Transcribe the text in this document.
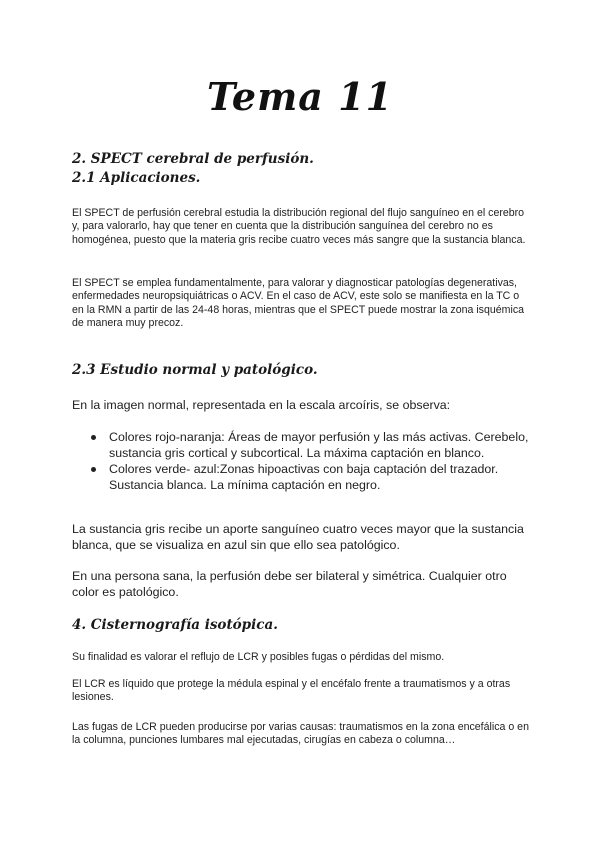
Tema 11

2. SPECT cerebral de perfusión.

2.1 Aplicaciones.

El SPECT de perfusión cerebral estudia la distribución regional del flujo sanguíneo en el cerebro y, para valorarlo, hay que tener en cuenta que la distribución sanguínea del cerebro no es homogénea, puesto que la materia gris recibe cuatro veces más sangre que la sustancia blanca.

El SPECT se emplea fundamentalmente, para valorar y diagnosticar patologías degenerativas, enfermedades neuropsiquiátricas o ACV. En el caso de ACV, este solo se manifiesta en la TC o en la RMN a partir de las 24-48 horas, mientras que el SPECT puede mostrar la zona isquémica de manera muy precoz.

2.3 Estudio normal y patológico.

En la imagen normal, representada en la escala arcoíris, se observa:

Colores rojo-naranja: Áreas de mayor perfusión y las más activas. Cerebelo, sustancia gris cortical y subcortical. La máxima captación en blanco.
Colores verde- azul:Zonas hipoactivas con baja captación del trazador. Sustancia blanca. La mínima captación en negro.

La sustancia gris recibe un aporte sanguíneo cuatro veces mayor que la sustancia blanca, que se visualiza en azul sin que ello sea patológico.

En una persona sana, la perfusión debe ser bilateral y simétrica. Cualquier otro color es patológico.

4. Cisternografía isotópica.

Su finalidad es valorar el reflujo de LCR y posibles fugas o pérdidas del mismo.

El LCR es líquido que protege la médula espinal y el encéfalo frente a traumatismos y a otras lesiones.

Las fugas de LCR pueden producirse por varias causas: traumatismos en la zona encefálica o en la columna, punciones lumbares mal ejecutadas, cirugías en cabeza o columna…
